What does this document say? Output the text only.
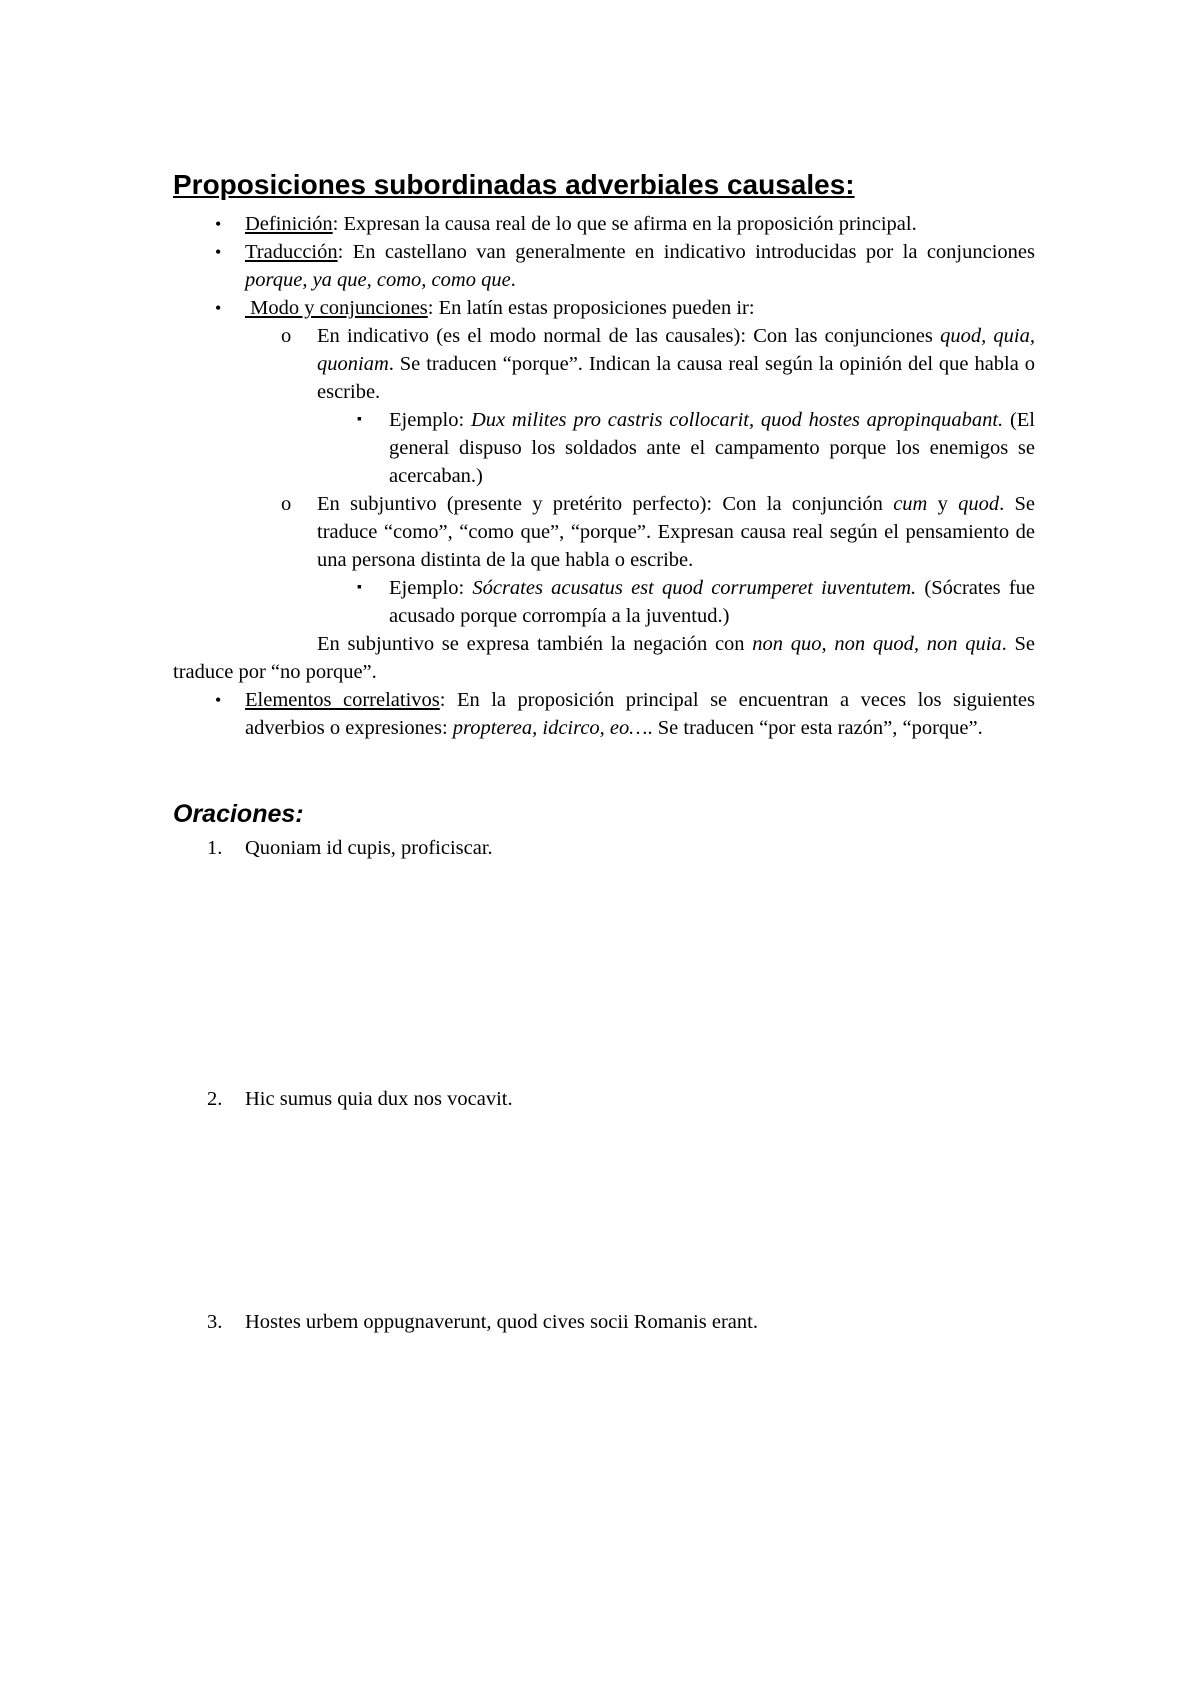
Proposiciones subordinadas adverbiales causales:

• Definición: Expresan la causa real de lo que se afirma en la proposición principal.

• Traducción: En castellano van generalmente en indicativo introducidas por la conjunciones porque, ya que, como, como que.

• Modo y conjunciones: En latín estas proposiciones pueden ir:

o En indicativo (es el modo normal de las causales): Con las conjunciones quod, quia, quoniam. Se traducen “porque”. Indican la causa real según la opinión del que habla o escribe.

▪ Ejemplo: Dux milites pro castris collocarit, quod hostes apropinquabant. (El general dispuso los soldados ante el campamento porque los enemigos se acercaban.)

o En subjuntivo (presente y pretérito perfecto): Con la conjunción cum y quod. Se traduce “como”, “como que”, “porque”. Expresan causa real según el pensamiento de una persona distinta de la que habla o escribe.

▪ Ejemplo: Sócrates acusatus est quod corrumperet iuventutem. (Sócrates fue acusado porque corrompía a la juventud.)

En subjuntivo se expresa también la negación con non quo, non quod, non quia. Se traduce por “no porque”.

• Elementos correlativos: En la proposición principal se encuentran a veces los siguientes adverbios o expresiones: propterea, idcirco, eo…. Se traducen “por esta razón”, “porque”.

Oraciones:
1. Quoniam id cupis, proficiscar.
2. Hic sumus quia dux nos vocavit.
3. Hostes urbem oppugnaverunt, quod cives socii Romanis erant.
